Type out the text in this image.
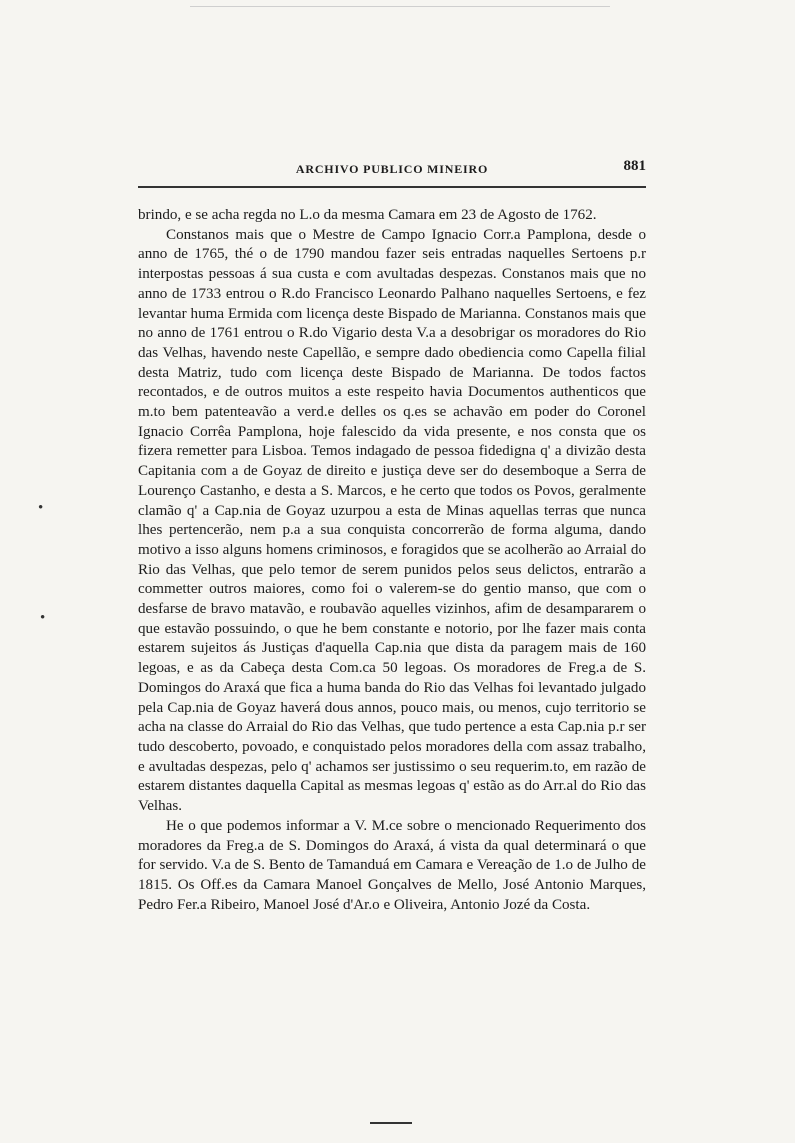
ARCHIVO PUBLICO MINEIRO	881

brindo, e se acha regda no L.o da mesma Camara em 23 de Agosto de 1762.

Constanos mais que o Mestre de Campo Ignacio Corr.a Pamplona, desde o anno de 1765, thé o de 1790 mandou fazer seis entradas naquelles Sertoens p.r interpostas pessoas á sua custa e com avultadas despezas. Constanos mais que no anno de 1733 entrou o R.do Francisco Leonardo Palhano naquelles Sertoens, e fez levantar huma Ermida com licença deste Bispado de Marianna. Constanos mais que no anno de 1761 entrou o R.do Vigario desta V.a a desobrigar os moradores do Rio das Velhas, havendo neste Capellão, e sempre dado obediencia como Capella filial desta Matriz, tudo com licença deste Bispado de Marianna. De todos factos recontados, e de outros muitos a este respeito havia Documentos authenticos que m.to bem patenteavão a verd.e delles os q.es se achavão em poder do Coronel Ignacio Corrêa Pamplona, hoje falescido da vida presente, e nos consta que os fizera remetter para Lisboa. Temos indagado de pessoa fidedigna q' a divizão desta Capitania com a de Goyaz de direito e justiça deve ser do desemboque a Serra de Lourenço Castanho, e desta a S. Marcos, e he certo que todos os Povos, geralmente clamão q' a Cap.nia de Goyaz uzurpou a esta de Minas aquellas terras que nunca lhes pertencerão, nem p.a a sua conquista concorrerão de forma alguma, dando motivo a isso alguns homens criminosos, e foragidos que se acolherão ao Arraial do Rio das Velhas, que pelo temor de serem punidos pelos seus delictos, entrarão a commetter outros maiores, como foi o valerem-se do gentio manso, que com o desfarse de bravo matavão, e roubavão aquelles vizinhos, afim de desampararem o que estavão possuindo, o que he bem constante e notorio, por lhe fazer mais conta estarem sujeitos ás Justiças d'aquella Cap.nia que dista da paragem mais de 160 legoas, e as da Cabeça desta Com.ca 50 legoas. Os moradores de Freg.a de S. Domingos do Araxá que fica a huma banda do Rio das Velhas foi levantado julgado pela Cap.nia de Goyaz haverá dous annos, pouco mais, ou menos, cujo territorio se acha na classe do Arraial do Rio das Velhas, que tudo pertence a esta Cap.nia p.r ser tudo descoberto, povoado, e conquistado pelos moradores della com assaz trabalho, e avultadas despezas, pelo q' achamos ser justissimo o seu requerim.to, em razão de estarem distantes daquella Capital as mesmas legoas q' estão as do Arr.al do Rio das Velhas.

He o que podemos informar a V. M.ce sobre o mencionado Requerimento dos moradores da Freg.a de S. Domingos do Araxá, á vista da qual determinará o que for servido. V.a de S. Bento de Tamanduá em Camara e Vereação de 1.o de Julho de 1815. Os Off.es da Camara Manoel Gonçalves de Mello, José Antonio Marques, Pedro Fer.a Ribeiro, Manoel José d'Ar.o e Oliveira, Antonio Jozé da Costa.

•
•
